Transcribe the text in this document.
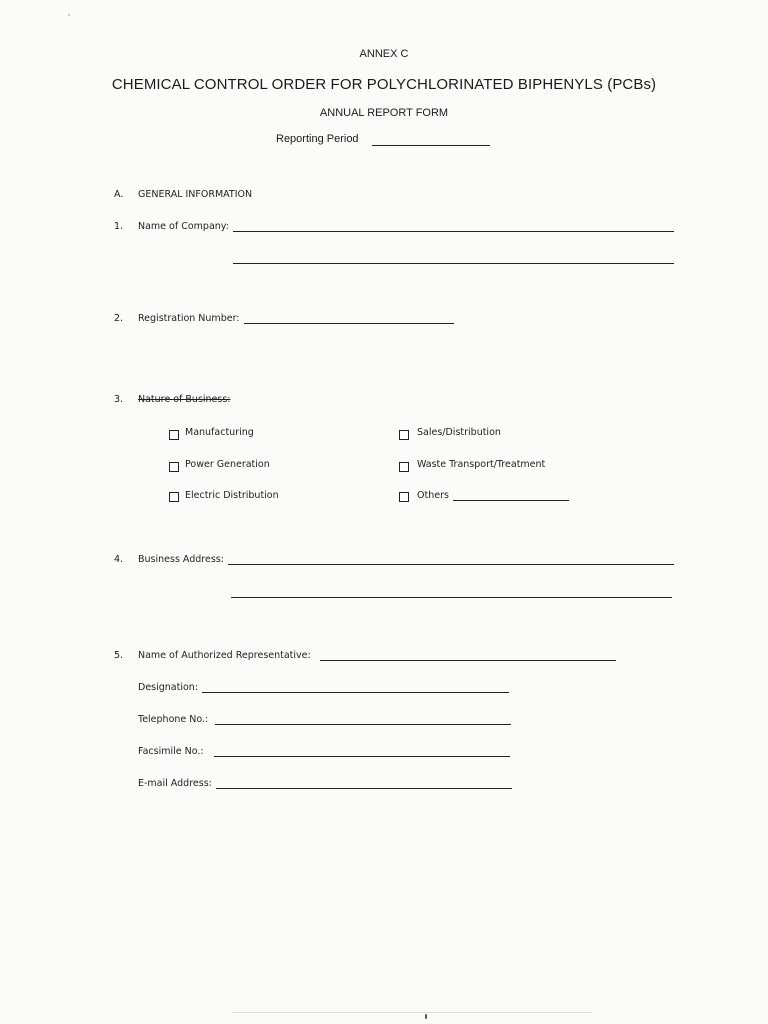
ANNEX C
CHEMICAL CONTROL ORDER FOR POLYCHLORINATED BIPHENYLS (PCBs)
ANNUAL REPORT FORM
Reporting Period
A. GENERAL INFORMATION
1. Name of Company:
2. Registration Number:
3. Nature of Business:
Manufacturing
Power Generation
Electric Distribution
Sales/Distribution
Waste Transport/Treatment
Others
4. Business Address:
5. Name of Authorized Representative:
Designation:
Telephone No.:
Facsimile No.:
E-mail Address:
